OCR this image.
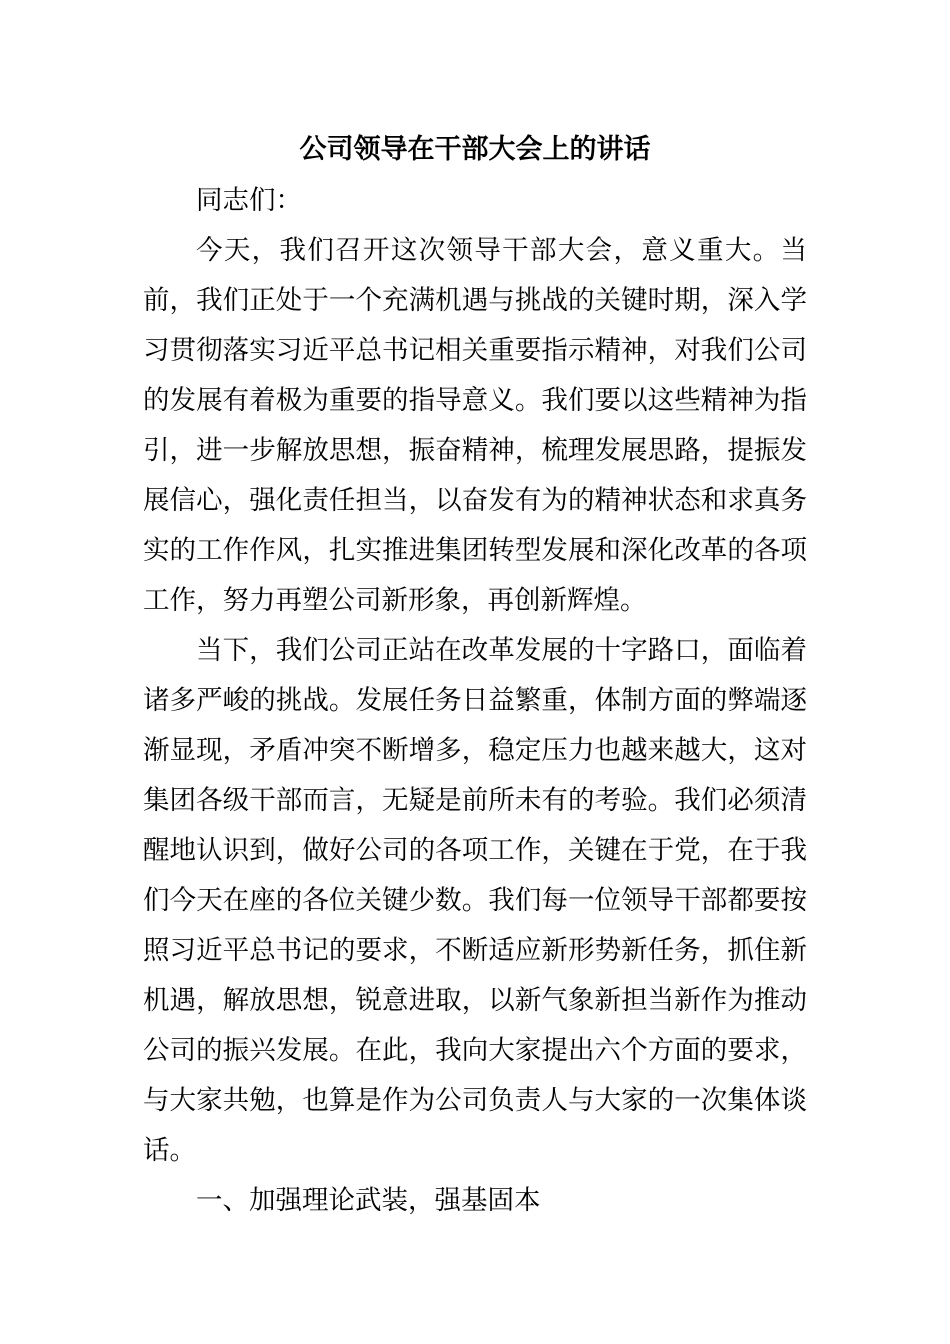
公司领导在干部大会上的讲话

同志们：

今天，我们召开这次领导干部大会，意义重大。当前，我们正处于一个充满机遇与挑战的关键时期，深入学习贯彻落实习近平总书记相关重要指示精神，对我们公司的发展有着极为重要的指导意义。我们要以这些精神为指引，进一步解放思想，振奋精神，梳理发展思路，提振发展信心，强化责任担当，以奋发有为的精神状态和求真务实的工作作风，扎实推进集团转型发展和深化改革的各项工作，努力再塑公司新形象，再创新辉煌。

当下，我们公司正站在改革发展的十字路口，面临着诸多严峻的挑战。发展任务日益繁重，体制方面的弊端逐渐显现，矛盾冲突不断增多，稳定压力也越来越大，这对集团各级干部而言，无疑是前所未有的考验。我们必须清醒地认识到，做好公司的各项工作，关键在于党，在于我们今天在座的各位关键少数。我们每一位领导干部都要按照习近平总书记的要求，不断适应新形势新任务，抓住新机遇，解放思想，锐意进取，以新气象新担当新作为推动公司的振兴发展。在此，我向大家提出六个方面的要求，与大家共勉，也算是作为公司负责人与大家的一次集体谈话。

一、加强理论武装，强基固本
